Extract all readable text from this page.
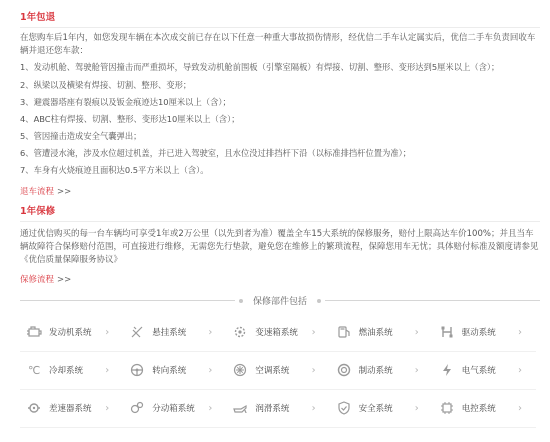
1年包退

在您购车后1年内，如您发现车辆在本次成交前已存在以下任意一种重大事故损伤情形，经优信二手车认定属实后，优信二手车负责回收车辆并退还您车款：

1、发动机舱、驾驶舱管因撞击而严重损坏，导致发动机舱前围板（引擎室隔板）有焊接、切割、整形、变形达到5厘米以上（含）；
2、纵梁以及横梁有焊接、切割、整形、变形；
3、避震器塔座有裂痕以及钣金痕迹达10厘米以上（含）；
4、ABC柱有焊接、切割、整形、变形达10厘米以上（含）；
5、管因撞击造成安全气囊弹出；
6、管遭浸水淹，涉及水位超过机盖，并已进入驾驶室，且水位没过排挡杆下沿（以标准排挡杆位置为准）；
7、车身有火烧痕迹且面积达0.5平方米以上（含）。
退车流程 >>
1年保修

通过优信购买的每一台车辆均可享受1年或2万公里（以先到者为准）覆盖全车15大系统的保修服务，赔付上限高达车价100%；并且当车辆故障符合保修赔付范围，可直接进行维修，无需您先行垫款，避免您在维修上的繁琐流程，保障您用车无忧；具体赔付标准及额度请参见《优信质量保障服务协议》

保修流程 >>
保修部件包括
发动机系统 ›	悬挂系统 ›	变速箱系统 ›	燃油系统 ›	驱动系统 ›
℃ 冷却系统 ›	转向系统 ›	空调系统 ›	制动系统 ›	电气系统 ›
差速器系统 ›	分动箱系统 ›	润滑系统 ›	安全系统 ›	电控系统 ›
